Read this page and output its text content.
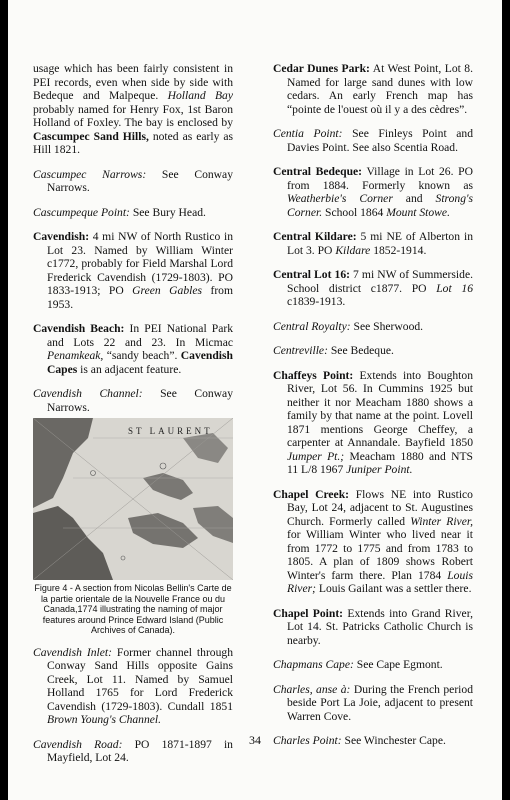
usage which has been fairly consistent in PEI records, even when side by side with Bedeque and Malpeque. Holland Bay probably named for Henry Fox, 1st Baron Holland of Foxley. The bay is enclosed by Cascumpec Sand Hills, noted as early as Hill 1821.

Cascumpec Narrows: See Conway Narrows.

Cascumpeque Point: See Bury Head.

Cavendish: 4 mi NW of North Rustico in Lot 23. Named by William Winter c1772, probably for Field Marshal Lord Frederick Cavendish (1729-1803). PO 1833-1913; PO Green Gables from 1953.

Cavendish Beach: In PEI National Park and Lots 22 and 23. In Micmac Penamkeak, “sandy beach”. Cavendish Capes is an adjacent feature.

Cavendish Channel: See Conway Narrows.

ST LAURENT

Figure 4 - A section from Nicolas Bellin's Carte de la partie orientale de la Nouvelle France ou du Canada,1774 illustrating the naming of major features around Prince Edward Island (Public Archives of Canada).

Cavendish Inlet: Former channel through Conway Sand Hills opposite Gains Creek, Lot 11. Named by Samuel Holland 1765 for Lord Frederick Cavendish (1729-1803). Cundall 1851 Brown Young's Channel.

Cavendish Road: PO 1871-1897 in Mayfield, Lot 24.

Cedar Dunes Park: At West Point, Lot 8. Named for large sand dunes with low cedars. An early French map has “pointe de l'ouest où il y a des cèdres”.

Centia Point: See Finleys Point and Davies Point. See also Scentia Road.

Central Bedeque: Village in Lot 26. PO from 1884. Formerly known as Weatherbie's Corner and Strong's Corner. School 1864 Mount Stowe.

Central Kildare: 5 mi NE of Alberton in Lot 3. PO Kildare 1852-1914.

Central Lot 16: 7 mi NW of Summerside. School district c1877. PO Lot 16 c1839-1913.

Central Royalty: See Sherwood.

Centreville: See Bedeque.

Chaffeys Point: Extends into Boughton River, Lot 56. In Cummins 1925 but neither it nor Meacham 1880 shows a family by that name at the point. Lovell 1871 mentions George Cheffey, a carpenter at Annandale. Bayfield 1850 Jumper Pt.; Meacham 1880 and NTS 11 L/8 1967 Juniper Point.

Chapel Creek: Flows NE into Rustico Bay, Lot 24, adjacent to St. Augustines Church. Formerly called Winter River, for William Winter who lived near it from 1772 to 1775 and from 1783 to 1805. A plan of 1809 shows Robert Winter's farm there. Plan 1784 Louis River; Louis Gailant was a settler there.

Chapel Point: Extends into Grand River, Lot 14. St. Patricks Catholic Church is nearby.

Chapmans Cape: See Cape Egmont.

Charles, anse à: During the French period beside Port La Joie, adjacent to present Warren Cove.

Charles Point: See Winchester Cape.

34
